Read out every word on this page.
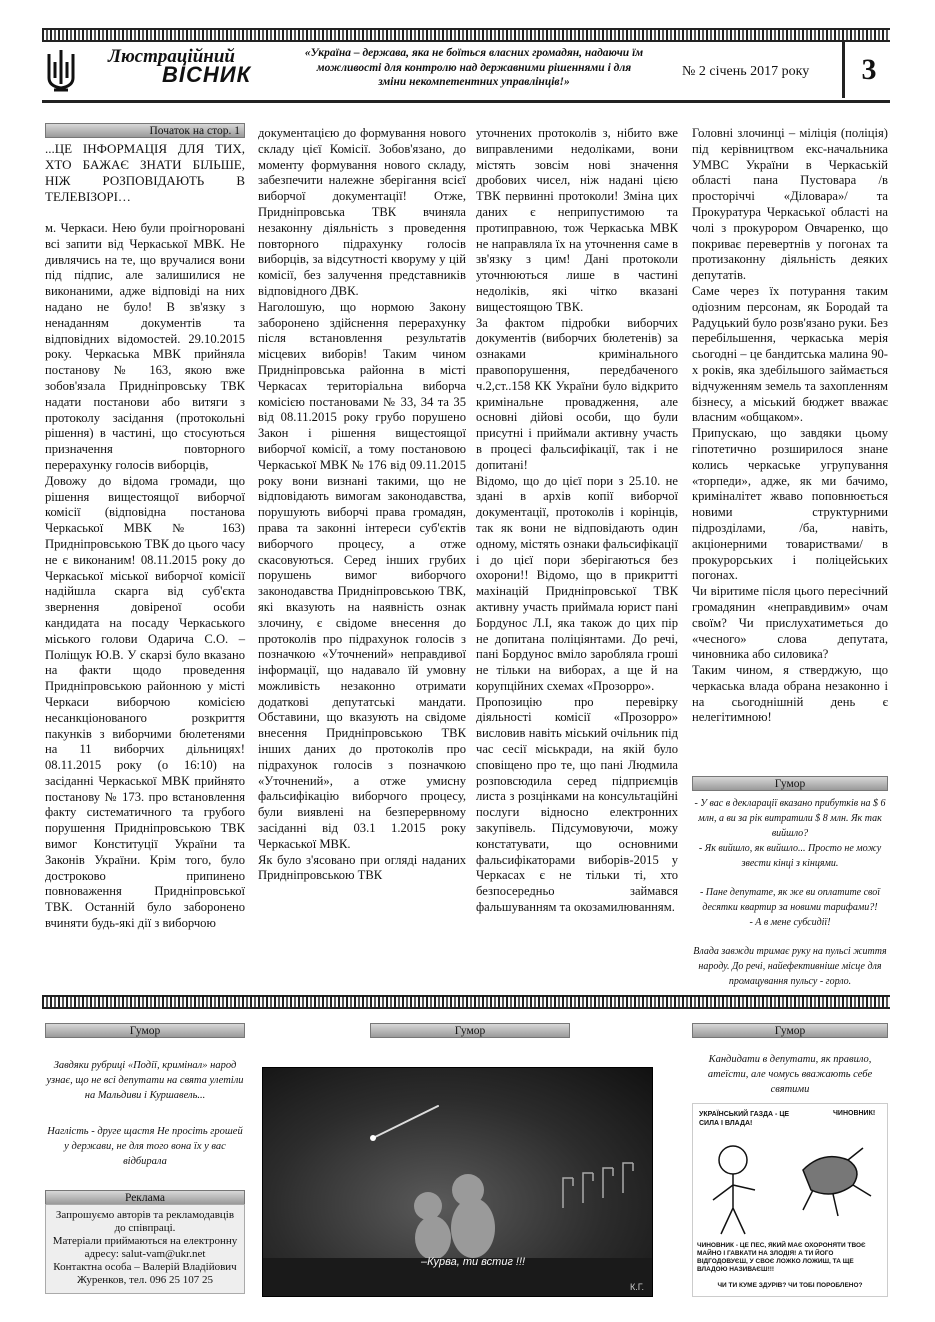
Люстраційний
ВІСНИК
«Україна – держава, яка не боїться власних громадян, надаючи їм можливості для контролю над державними рішеннями і для зміни некомпетентних управлінців!»
№ 2 січень 2017 року	3
Початок на стор. 1

...ЦЕ ІНФОРМАЦІЯ ДЛЯ ТИХ, ХТО БАЖАЄ ЗНАТИ БІЛЬШЕ, НІЖ РОЗПОВІДАЮТЬ В ТЕЛЕВІЗОРІ…

м. Черкаси. Нею були проігноровані всі запити від Черкаської МВК. Не дивлячись на те, що вручалися вони під підпис, але залишилися не виконаними, адже відповіді на них надано не було! В зв'язку з ненаданням документів та відповідних відомостей. 29.10.2015 року. Черкаська МВК прийняла постанову № 163, якою вже зобов'язала Придніпровську ТВК надати постанови або витяги з протоколу засідання (протокольні рішення) в частині, що стосуються призначення повторного перерахунку голосів виборців,

Довожу до відома громади, що рішення вищестоящої виборчої комісії (відповідна постанова Черкаської МВК № 163) Придніпровською ТВК до цього часу не є виконаним! 08.11.2015 року до Черкаської міської виборчої комісії надійшла скарга від суб'єкта звернення довіреної особи кандидата на посаду Черкаського міського голови Одарича С.О. – Поліщук Ю.В. У скарзі було вказано на факти щодо проведення Придніпровською районною у місті Черкаси виборчою комісією несанкціонованого розкриття пакунків з виборчими бюлетенями на 11 виборчих дільницях! 08.11.2015 року (о 16:10) на засіданні Черкаської МВК прийнято постанову № 173. про встановлення факту систематичного та грубого порушення Придніпровською ТВК вимог Конституції України та Законів України. Крім того, було достроково припинено повноваження Придніпровської ТВК. Останній було заборонено вчиняти будь-які дії з виборчою

документацією до формування нового складу цієї Комісії. Зобов'язано, до моменту формування нового складу, забезпечити належне зберігання всієї виборчої документації! Отже, Придніпровська ТВК вчиняла незаконну діяльність з проведення повторного підрахунку голосів виборців, за відсутності кворуму у цій комісії, без залучення представників відповідного ДВК.

Наголошую, що нормою Закону заборонено здійснення перерахунку після встановлення результатів місцевих виборів! Таким чином Придніпровська районна в місті Черкасах територіальна виборча комісією постановами № 33, 34 та 35 від 08.11.2015 року грубо порушено Закон і рішення вищестоящої виборчої комісії, а тому постановою Черкаської МВК № 176 від 09.11.2015 року вони визнані такими, що не відповідають вимогам законодавства, порушують виборчі права громадян, права та законні інтереси суб'єктів виборчого процесу, а отже скасовуються. Серед інших грубих порушень вимог виборчого законодавства Придніпровською ТВК, які вказують на наявність ознак злочину, є свідоме внесення до протоколів про підрахунок голосів з позначкою «Уточнений» неправдивої інформації, що надавало їй умовну можливість незаконно отримати додаткові депутатські мандати. Обставини, що вказують на свідоме внесення Придніпровською ТВК інших даних до протоколів про підрахунок голосів з позначкою «Уточнений», а отже умисну фальсифікацію виборчого процесу, були виявлені на безперервному засіданні від 03.1 1.2015 року Черкаської МВК.

Як було з'ясовано при огляді наданих Придніпровською ТВК

уточнених протоколів з, нібито вже виправленими недоліками, вони містять зовсім нові значення дробових чисел, ніж надані цією ТВК первинні протоколи! Зміна цих даних є неприпустимою та протиправною, тож Черкаська МВК не направляла їх на уточнення саме в зв'язку з цим! Дані протоколи уточнюються лише в частині недоліків, які чітко вказані вищестоящою ТВК.

За фактом підробки виборчих документів (виборчих бюлетенів) за ознаками кримінального правопорушення, передбаченого ч.2,ст..158 КК України було відкрито кримінальне провадження, але основні дійові особи, що були присутні і приймали активну участь в процесі фальсифікації, так і не допитані!

Відомо, що до цієї пори з 25.10. не здані в архів копії виборчої документації, протоколів і корінців, так як вони не відповідають один одному, містять ознаки фальсифікації і до цієї пори зберігаються без охорони!! Відомо, що в прикритті махінацій Придніпровської ТВК активну участь приймала юрист пані Бордунос Л.І, яка також до цих пір не допитана поліціянтами. До речі, пані Бордунос вміло заробляла гроші не тільки на виборах, а ще й на корупційних схемах «Прозорро».

Пропозицію про перевірку діяльності комісії «Прозорро» висловив навіть міський очільник під час сесії міськради, на якій було сповіщено про те, що пані Людмила розповсюдила серед підприємців листа з розцінками на консультаційні послуги відносно електронних закупівель. Підсумовуючи, можу констатувати, що основними фальсифікаторами виборів-2015 у Черкасах є не тільки ті, хто безпосередньо займався фальшуванням та окозамилюванням.

Головні злочинці – міліція (поліція) під керівництвом екс-начальника УМВС України в Черкаській області пана Пустовара /в просторіччі «Діловара»/ та Прокуратура Черкаської області на чолі з прокурором Овчаренко, що покриває перевертнів у погонах та протизаконну діяльність деяких депутатів.

Саме через їх потурання таким одіозним персонам, як Бородай та Радуцький було розв'язано руки. Без перебільшення, черкаська мерія сьогодні – це бандитська малина 90-х років, яка здебільшого займається відчуженням земель та захопленням бізнесу, а міський бюджет вважає власним «общаком».

Припускаю, що завдяки цьому гіпотетично розширилося знане колись черкаське угрупування «торпеди», адже, як ми бачимо, криміналітет жваво поповнюється новими структурними підрозділами, /ба, навіть, акціонерними товариствами/ в прокурорських і поліцейських погонах.

Чи віритиме після цього пересічний громадянин «неправдивим» очам своїм? Чи прислухатиметься до «чесного» слова депутата, чиновника або силовика?

Таким чином, я стверджую, що черкаська влада обрана незаконно і на сьогоднішній день є нелегітимною!

Гумор
- У вас в декларації вказано прибутків на $ 6 млн, а ви за рік витратили $ 8 млн. Як так вийшло?
- Як вийшло, як вийшло... Просто не можу звести кінці з кінцями.
- Пане депутате, як же ви оплатите свої десятки квартир за новими тарифами?!
- А в мене субсидії!
Влада завжди тримає руку на пульсі життя народу. До речі, найефективніше місце для промацування пульсу - горло.
Гумор
Завдяки рубриці «Події, кримінал» народ узнає, що не всі депутати на свята улетіли на Мальдиви і Куршавель...
Нагліcть - друге щастя Не просіть грошей у держави, не для того вона їх у вас відбирала
Реклама
Запрошуємо авторів та рекламодавців до співпраці.
Матеріали приймаються на електронну адресу: salut-vam@ukr.net
Контактна особа – Валерій Владійович Журенков, тел. 096 25 107 25
Гумор
–Курва, ти встиг !!!
К.Г.
Гумор
Кандидати в депутати, як правило, атеїсти, але чомусь вважають себе святими
УКРАЇНСЬКИЙ ГАЗДА - ЦЕ СИЛА І ВЛАДА!
ЧИНОВНИК!
ЧИНОВНИК - ЦЕ ПЕС, ЯКИЙ МАЄ ОХОРОНЯТИ ТВОЄ МАЙНО І ГАВКАТИ НА ЗЛОДІЯ! А ТИ ЙОГО ВІДГОДОВУЄШ, У СВОЄ ЛОЖКО ЛОЖИШ, ТА ЩЕ ВЛАДОЮ НАЗИВАЄШ!!!
ЧИ ТИ КУМЕ ЗДУРІВ? ЧИ ТОБІ ПОРОБЛЕНО?
